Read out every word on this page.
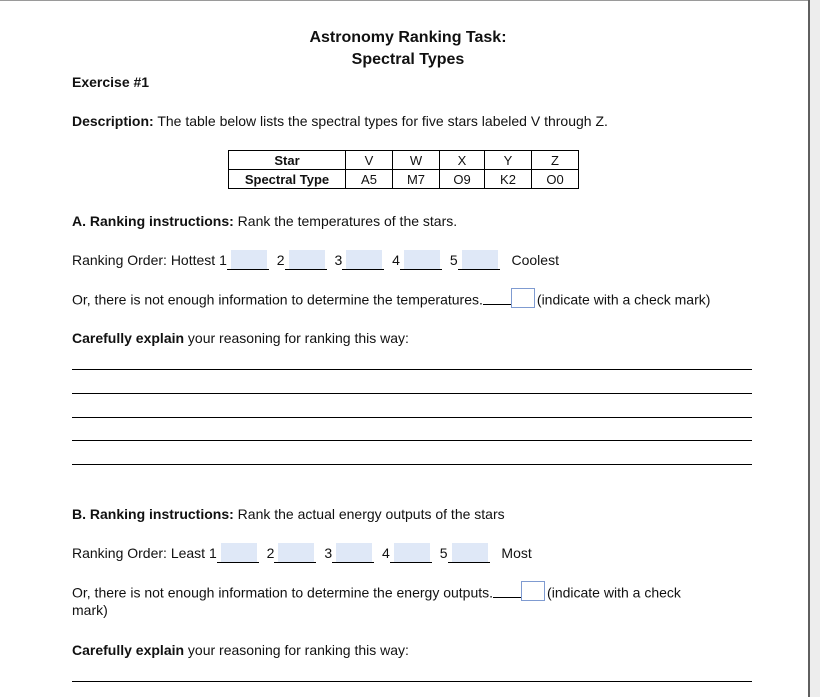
Astronomy Ranking Task:
Spectral Types
Exercise #1
Description: The table below lists the spectral types for five stars labeled V through Z.
Star	V	W	X	Y	Z
Spectral Type	A5	M7	O9	K2	O0
A. Ranking instructions: Rank the temperatures of the stars.
Ranking Order: Hottest 1	2	3	4	5	Coolest
Or, there is not enough information to determine the temperatures.	(indicate with a check mark)
Carefully explain your reasoning for ranking this way:
B. Ranking instructions: Rank the actual energy outputs of the stars
Ranking Order: Least 1	2	3	4	5	Most
Or, there is not enough information to determine the energy outputs.	(indicate with a check
mark)
Carefully explain your reasoning for ranking this way:
